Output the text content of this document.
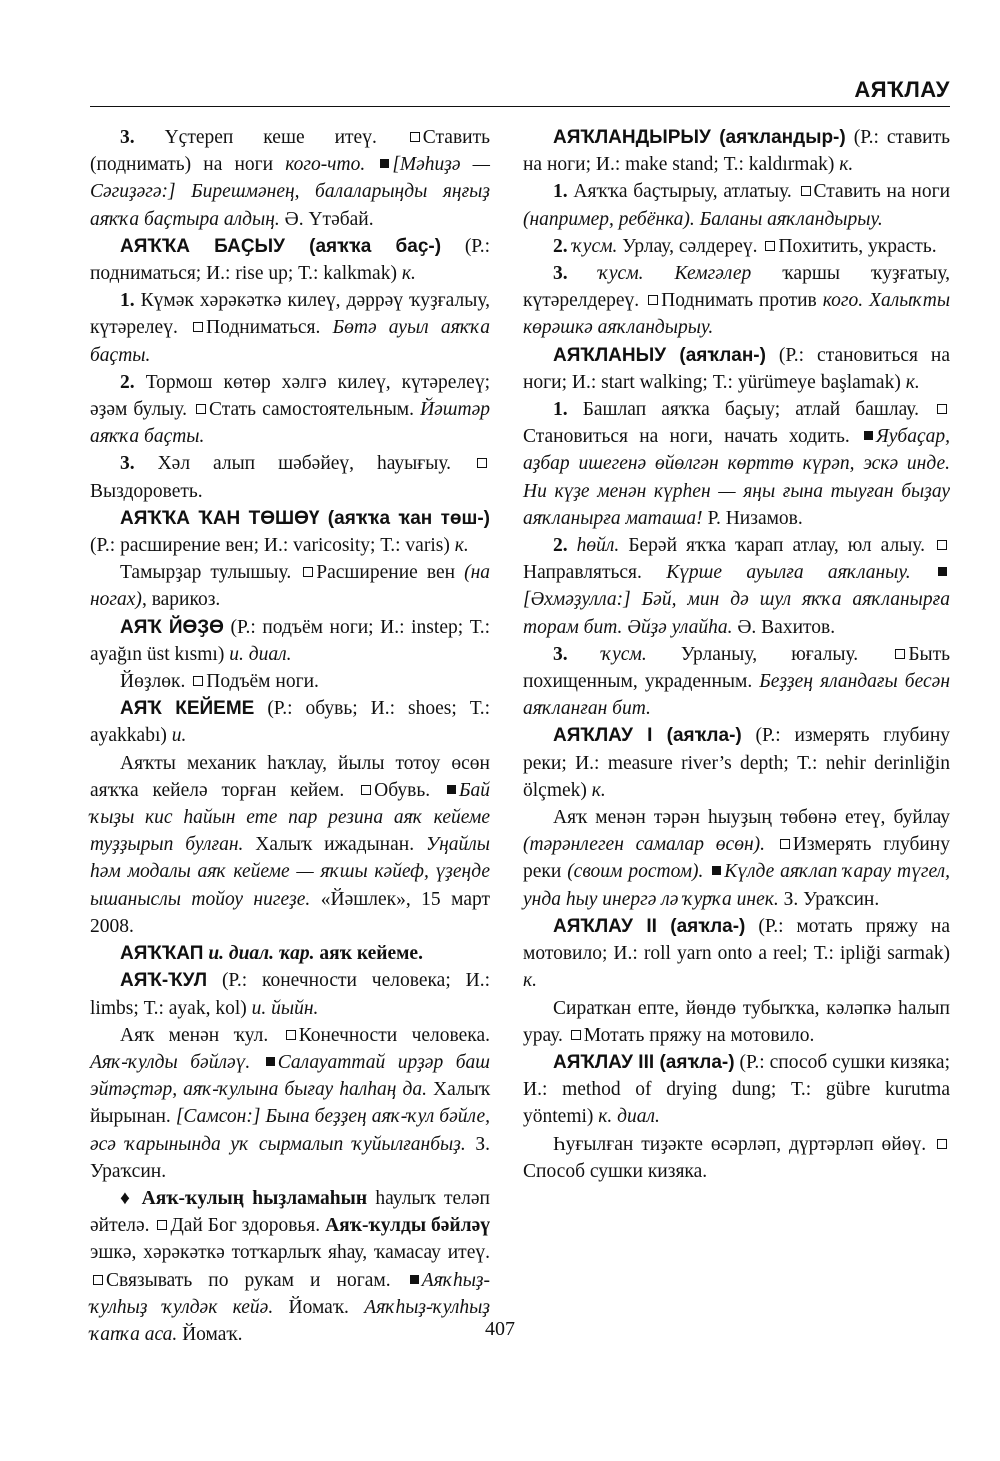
АЯҠЛАУ

3. Үҫтереп кеше итеү. Ставить (поднимать) на ноги кого-что. [Мәһиҙә — Сәгиҙәгә:] Бирешмәнең, балаларыңды яңғыҙ аяҡҡа баҫтыра алдың. Ә. Үтәбай.

АЯҠҠА БАҪЫУ (аяҡҡа баҫ-) (Р.: подниматься; И.: rise up; Т.: kalkmak) к.

1. Күмәк хәрәкәткә килеү, дәррәү ҡуҙғалыу, күтәрелеү. Подниматься. Бөтә ауыл аяҡҡа баҫты.

2. Тормош көтөр хәлгә килеү, күтәрелеү; әҙәм булыу. Стать самостоятельным. Йәштәр аяҡҡа баҫты.

3. Хәл алып шәбәйеү, һауығыу. Выздороветь.

АЯҠҠА ҠАН ТӨШӨҮ (аяҡҡа ҡан төш-) (Р.: расширение вен; И.: varicosity; Т.: varis) к.

Тамырҙар тулышыу. Расширение вен (на ногах), варикоз.

АЯҠ ЙӨҘӨ (Р.: подъём ноги; И.: instep; Т.: ayağın üst kısmı) и. диал.

Йөҙлөк. Подъём ноги.

АЯҠ КЕЙЕМЕ (Р.: обувь; И.: shoes; Т.: ayakkabı) и.

Аяҡты механик һаҡлау, йылы тотоу өсөн аяҡҡа кейелә торған кейем. Обувь. Бай ҡыҙы кис һайын ете пар резина аяҡ кейеме туҙҙырып булған. Халыҡ ижадынан. Уңайлы һәм модалы аяҡ кейеме — яҡшы кәйеф, үҙеңде ышаныслы тойоу нигеҙе. «Йәшлек», 15 март 2008.

АЯҠҠАП и. диал. ҡар. аяҡ кейеме.

АЯҠ-ҠУЛ (Р.: конечности человека; И.: limbs; Т.: ayak, kol) и. йыйн.

Аяҡ менән ҡул. Конечности человека. Аяҡ-ҡулды бәйләү. Салауаттай ирҙәр баш эйməҫтәр, аяҡ-ҡулына бығау һалһаң да. Халыҡ йырынан. [Самсон:] Бына беҙҙең аяҡ-ҡул бәйле, әсә ҡарынында уҡ сырмалып ҡуйылғанбыҙ. З. Ураҡсин.

♦ Аяҡ-ҡулың һыҙламаһын һаулыҡ теләп әйтелә. Дай Бог здоровья. Аяҡ-ҡулды бәйләү эшкә, хәрәкәткә тотҡарлыҡ яһау, ҡамасау итеү. Связывать по рукам и ногам. Аяҡһыҙ-ҡулһыҙ ҡулдәк кейә. Йомаҡ. Аяҡһыҙ-ҡулһыҙ ҡапҡа аса. Йомаҡ.

АЯҠЛАНДЫРЫУ (аяҡландыр-) (Р.: ставить на ноги; И.: make stand; Т.: kaldırmak) к.

1. Аяҡҡа баҫтырыу, атлатыу. Ставить на ноги (например, ребёнка). Баланы аяҡландырыу.

2. ҡусм. Урлау, сәлдереү. Похитить, украсть.

3. ҡусм. Кемгәлер ҡаршы ҡуҙғатыу, күтәрелдереү. Поднимать против кого. Халыҡты көрәшкә аяҡландырыу.

АЯҠЛАНЫУ (аяҡлан-) (Р.: становиться на ноги; И.: start walking; Т.: yürümeye başlamak) к.

1. Башлап аяҡҡа баҫыу; атлай башлау. Становиться на ноги, начать ходить. Яубаҫар, аҙбар ишегенә өйөлгән көрттө күрәп, эскә инде. Ни күҙе менән күрһен — яңы ғына тыуған быҙау аяҡланырға маташа! Р. Низамов.

2. һөйл. Берәй яҡҡа ҡарап атлау, юл алыу. Направляться. Күрше ауылға аяҡланыу. [Әхмәҙулла:] Бәй, мин дә шул яҡҡа аяҡланырға торам бит. Әйҙә улайһа. Ә. Вахитов.

3. ҡусм. Урланыу, юғалыу.	Быть похищенным, украденным. Беҙҙең яландағы бесән аяҡланған бит.

АЯҠЛАУ I (аяҡла-) (Р.: измерять глубину реки; И.: measure river’s depth; Т.: nehir derinliğin ölçmek) к.

Аяҡ менән тәрән һыуҙың төбөнә етеү, буйлау (тәрәнлеген самалар өсөн). Измерять глубину реки (своим ростом). Күлде аяҡлап ҡарау түгел, унда һыу инергә лә ҡурҡа инек. З. Ураҡсин.

АЯҠЛАУ II (аяҡла-) (Р.: мотать пряжу на мотовило; И.: roll yarn onto a reel; Т.: ipliği sarmak) к.

Сираткан епте, йөндө тубыҡҡа, кәләпкә һалып урау. Мотать пряжу на мотовило.

АЯҠЛАУ III (аяҡла-) (Р.: способ сушки кизяка; И.: method of drying dung; Т.: gübre kurutma yöntemi) к. диал.

Һуғылған тиҙәкте өсәрләп, дүртәрләп өйөү. Способ сушки кизяка.

407
